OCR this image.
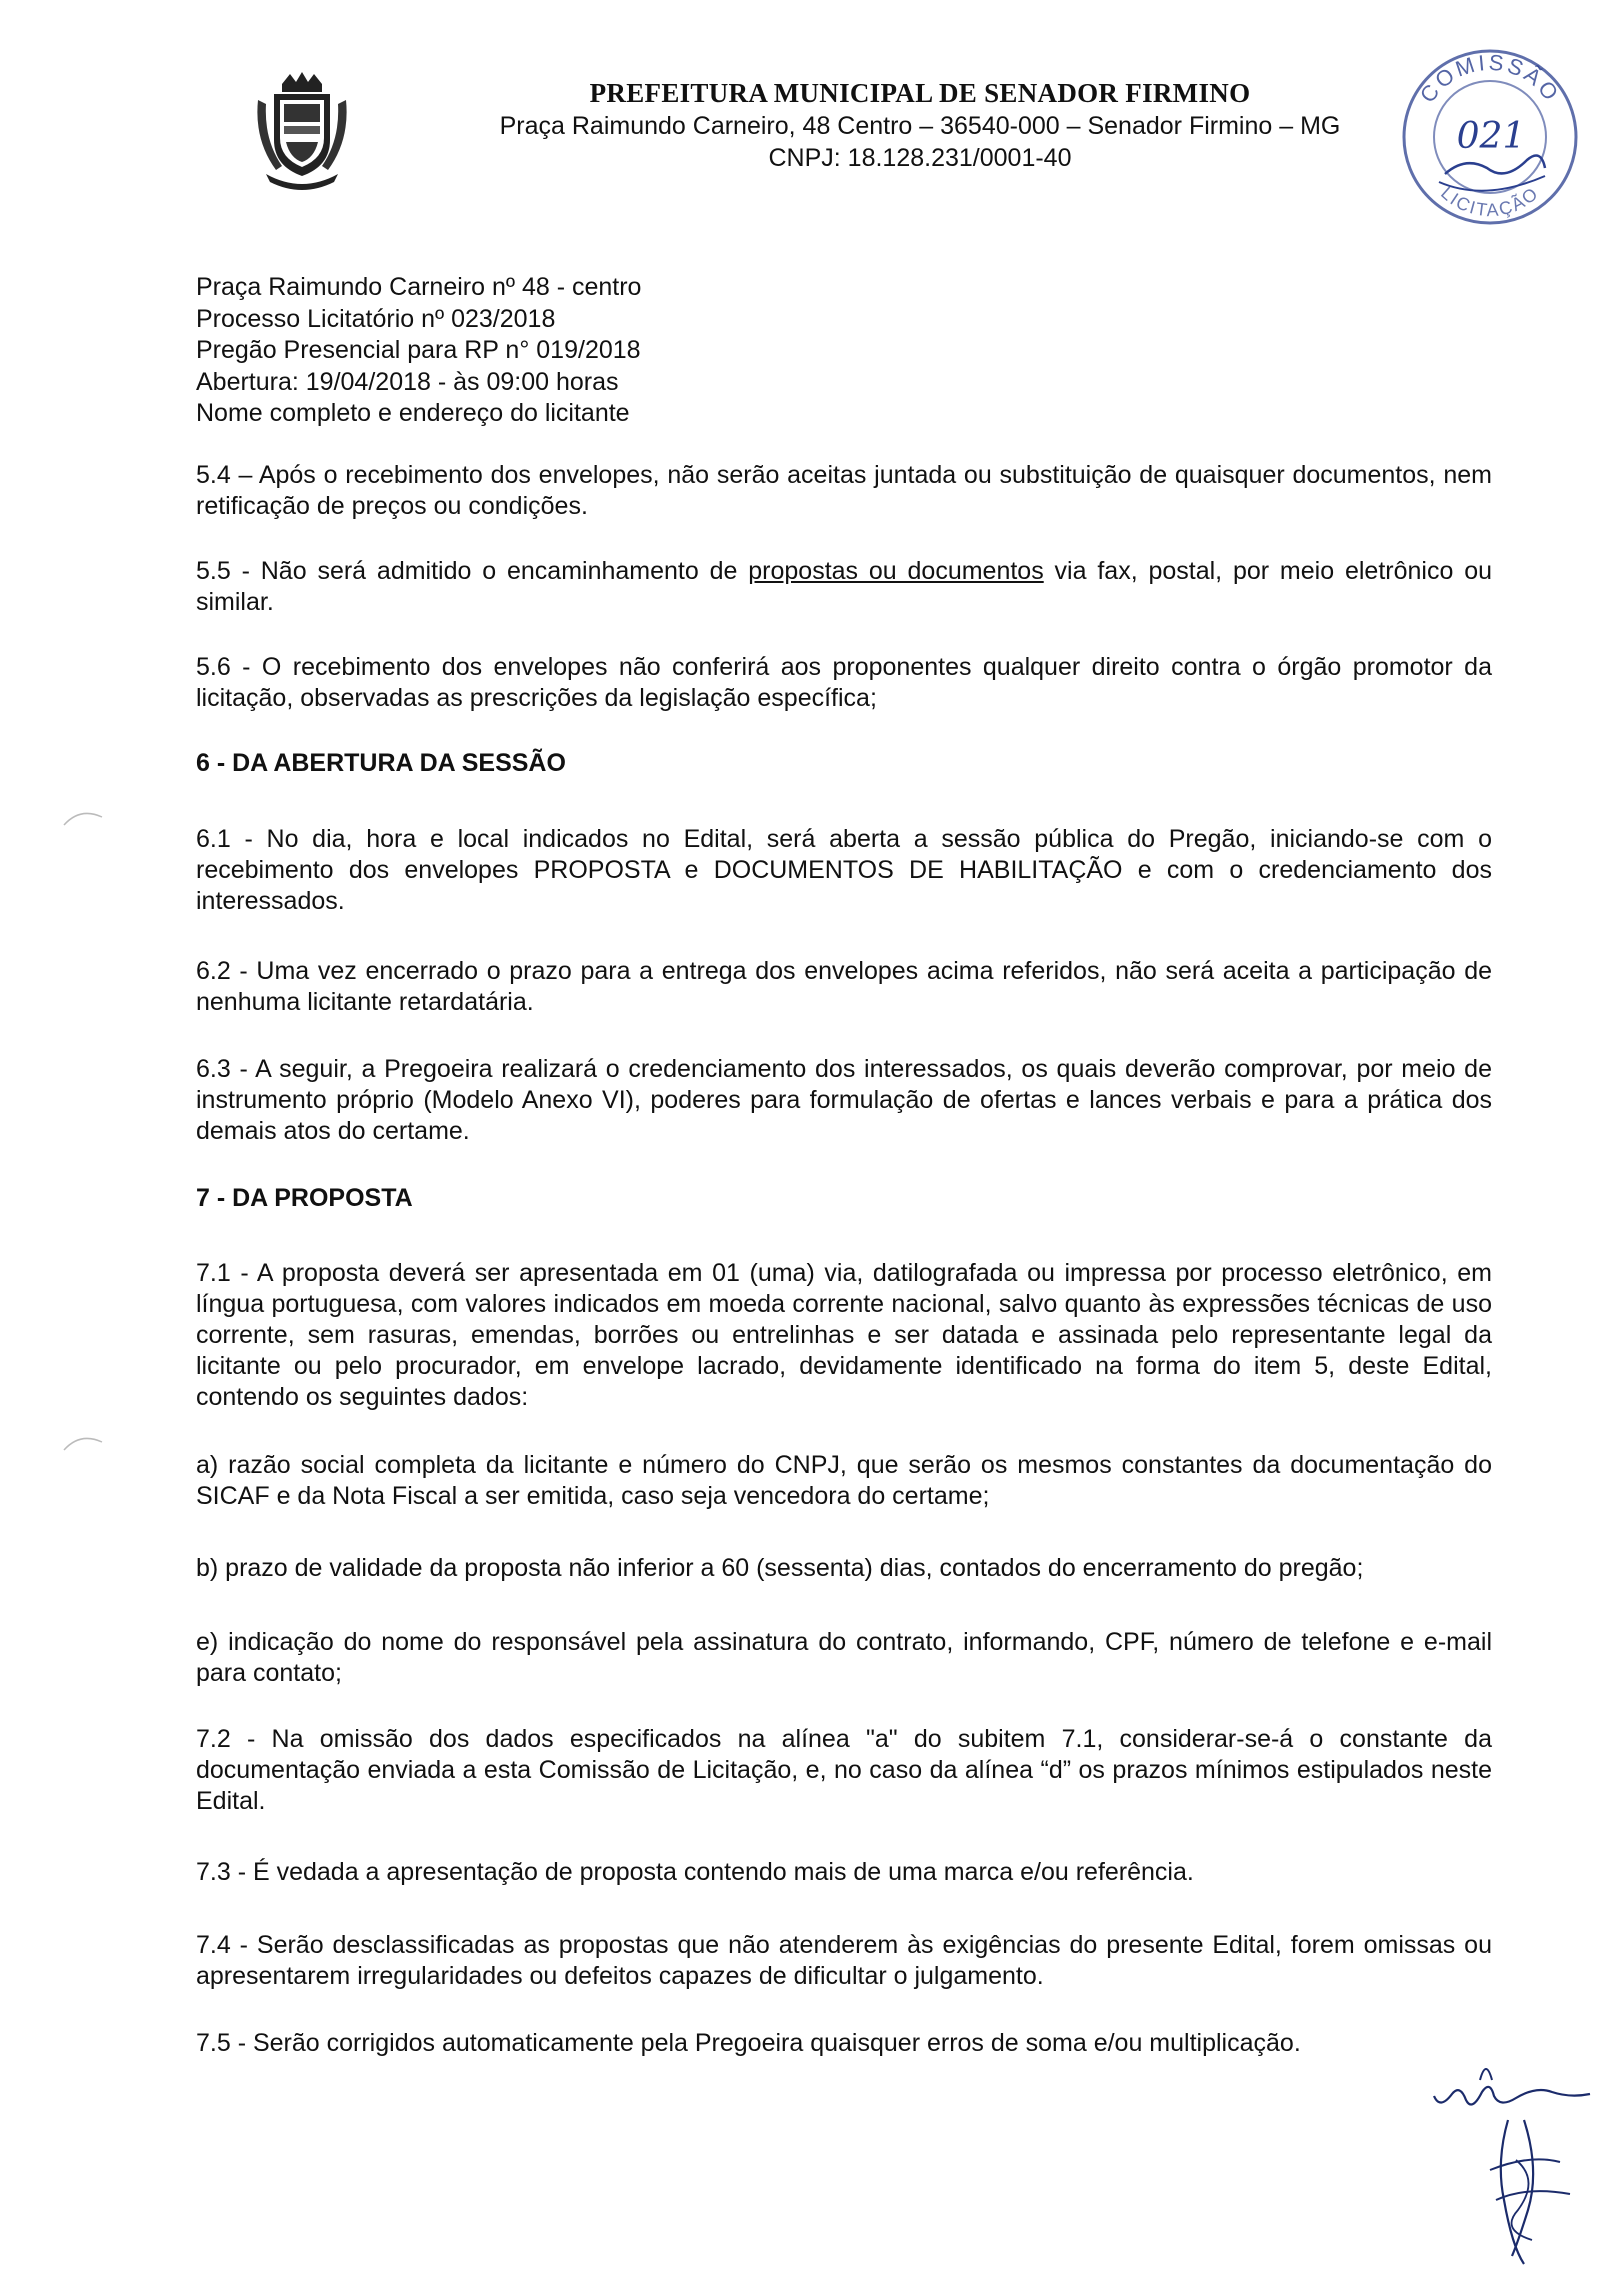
PREFEITURA MUNICIPAL DE SENADOR FIRMINO
Praça Raimundo Carneiro, 48 Centro – 36540-000 – Senador Firmino – MG
CNPJ: 18.128.231/0001-40
COMISSÃO
LICITAÇÃO
021
Praça Raimundo Carneiro nº 48 - centro
Processo Licitatório nº 023/2018
Pregão Presencial para RP n° 019/2018
Abertura: 19/04/2018 - às 09:00 horas
Nome completo e endereço do licitante
5.4 – Após o recebimento dos envelopes, não serão aceitas juntada ou substituição de quaisquer documentos, nem retificação de preços ou condições.
5.5 - Não será admitido o encaminhamento de propostas ou documentos via fax, postal, por meio eletrônico ou similar.
5.6 - O recebimento dos envelopes não conferirá aos proponentes qualquer direito contra o órgão promotor da licitação, observadas as prescrições da legislação específica;
6 - DA ABERTURA DA SESSÃO
6.1 - No dia, hora e local indicados no Edital, será aberta a sessão pública do Pregão, iniciando-se com o recebimento dos envelopes PROPOSTA e DOCUMENTOS DE HABILITAÇÃO e com o credenciamento dos interessados.
6.2 - Uma vez encerrado o prazo para a entrega dos envelopes acima referidos, não será aceita a participação de nenhuma licitante retardatária.
6.3 - A seguir, a Pregoeira realizará o credenciamento dos interessados, os quais deverão comprovar, por meio de instrumento próprio (Modelo Anexo VI), poderes para formulação de ofertas e lances verbais e para a prática dos demais atos do certame.
7 - DA PROPOSTA
7.1 - A proposta deverá ser apresentada em 01 (uma) via, datilografada ou impressa por processo eletrônico, em língua portuguesa, com valores indicados em moeda corrente nacional, salvo quanto às expressões técnicas de uso corrente, sem rasuras, emendas, borrões ou entrelinhas e ser datada e assinada pelo representante legal da licitante ou pelo procurador, em envelope lacrado, devidamente identificado na forma do item 5, deste Edital, contendo os seguintes dados:
a) razão social completa da licitante e número do CNPJ, que serão os mesmos constantes da documentação do SICAF e da Nota Fiscal a ser emitida, caso seja vencedora do certame;
b) prazo de validade da proposta não inferior a 60 (sessenta) dias, contados do encerramento do pregão;
e) indicação do nome do responsável pela assinatura do contrato, informando, CPF, número de telefone e e-mail para contato;
7.2 - Na omissão dos dados especificados na alínea "a" do subitem 7.1, considerar-se-á o constante da documentação enviada a esta Comissão de Licitação, e, no caso da alínea “d” os prazos mínimos estipulados neste Edital.
7.3 - É vedada a apresentação de proposta contendo mais de uma marca e/ou referência.
7.4 - Serão desclassificadas as propostas que não atenderem às exigências do presente Edital, forem omissas ou apresentarem irregularidades ou defeitos capazes de dificultar o julgamento.
7.5 - Serão corrigidos automaticamente pela Pregoeira quaisquer erros de soma e/ou multiplicação.
